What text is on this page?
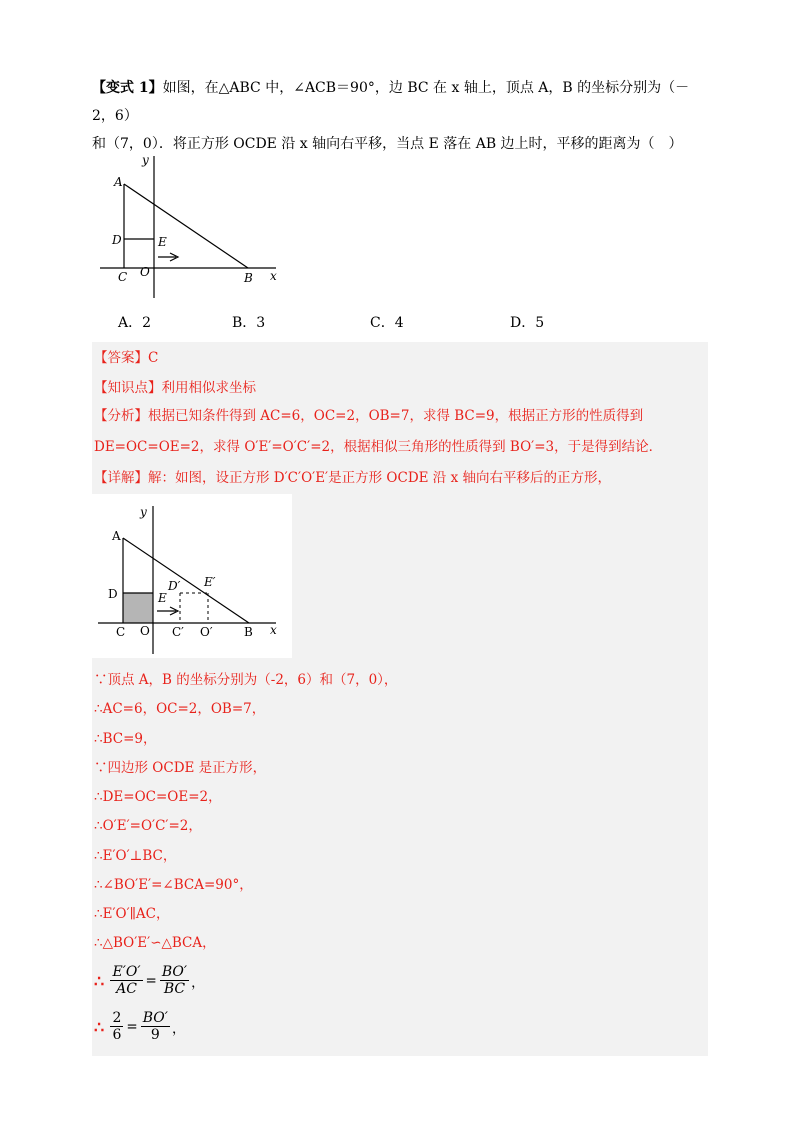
【变式 1】如图，在△ABC 中，∠ACB＝90°，边 BC 在 x 轴上，顶点 A，B 的坐标分别为（－2，6）
和（7，0）．将正方形 OCDE 沿 x 轴向右平移，当点 E 落在 AB 边上时，平移的距离为（　）
y
A
D	E
C O	B x
A．2	B．3	C．4	D．5
【答案】C
【知识点】利用相似求坐标
【分析】根据已知条件得到 AC=6，OC=2，OB=7，求得 BC=9，根据正方形的性质得到
DE=OC=OE=2，求得 O′E′=O′C′=2，根据相似三角形的性质得到 BO′=3，于是得到结论．
【详解】解：如图，设正方形 D′C′O′E′是正方形 OCDE 沿 x 轴向右平移后的正方形，
y
A
D
D′ E′
E
C O C′ O′	B x
∵顶点 A，B 的坐标分别为（-2，6）和（7，0），
∴AC=6，OC=2，OB=7，
∴BC=9，
∵四边形 OCDE 是正方形，
∴DE=OC=OE=2，
∴O′E′=O′C′=2，
∴E′O′⊥BC，
∴∠BO′E′=∠BCA=90°，
∴E′O′∥AC，
∴△BO′E′∽△BCA，
∴ $\frac{E'O'}{AC} = \frac{BO'}{BC}$ ，
∴ $\frac{2}{6} = \frac{BO'}{9}$ ，
